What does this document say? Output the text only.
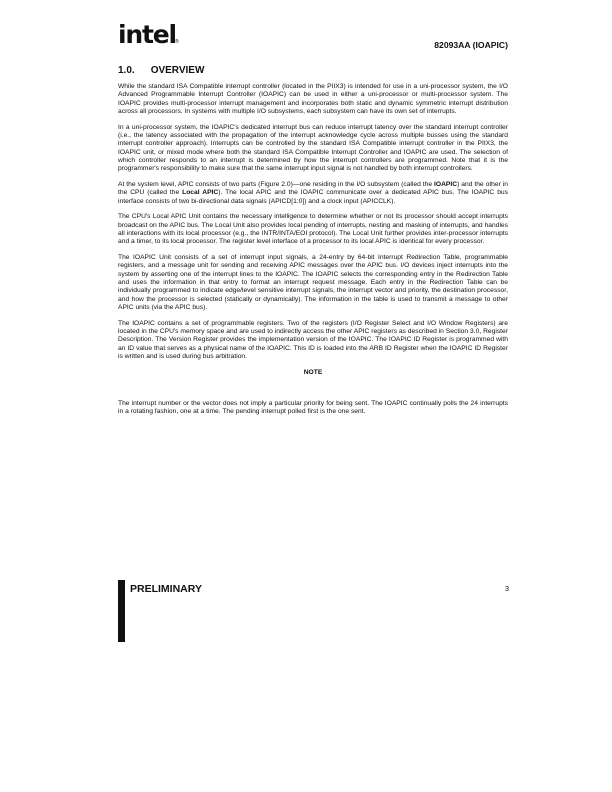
intel ®	82093AA (IOAPIC)
1.0. OVERVIEW

While the standard ISA Compatible interrupt controller (located in the PIIX3) is intended for use in a uni-processor system, the I/O Advanced Programmable Interrupt Controller (IOAPIC) can be used in either a uni-processor or multi-processor system. The IOAPIC provides multi-processor interrupt management and incorporates both static and dynamic symmetric interrupt distribution across all processors. In systems with multiple I/O subsystems, each subsystem can have its own set of interrupts.

In a uni-processor system, the IOAPIC's dedicated interrupt bus can reduce interrupt latency over the standard interrupt controller (i.e., the latency associated with the propagation of the interrupt acknowledge cycle across multiple busses using the standard interrupt controller approach). Interrupts can be controlled by the standard ISA Compatible interrupt controller in the PIIX3, the IOAPIC unit, or mixed mode where both the standard ISA Compatible Interrupt Controller and IOAPIC are used. The selection of which controller responds to an interrupt is determined by how the interrupt controllers are programmed. Note that it is the programmer's responsibility to make sure that the same interrupt input signal is not handled by both interrupt controllers.

At the system level, APIC consists of two parts (Figure 2.0)—one residing in the I/O subsystem (called the IOAPIC) and the other in the CPU (called the Local APIC). The local APIC and the IOAPIC communicate over a dedicated APIC bus. The IOAPIC bus interface consists of two bi-directional data signals (APICD[1:0]) and a clock input (APICCLK).

The CPU's Local APIC Unit contains the necessary intelligence to determine whether or not its processor should accept interrupts broadcast on the APIC bus. The Local Unit also provides local pending of interrupts, nesting and masking of interrupts, and handles all interactions with its local processor (e.g., the INTR/INTA/EOI protocol). The Local Unit further provides inter-processor interrupts and a timer, to its local processor. The register level interface of a processor to its local APIC is identical for every processor.

The IOAPIC Unit consists of a set of interrupt input signals, a 24-entry by 64-bit Interrupt Redirection Table, programmable registers, and a message unit for sending and receiving APIC messages over the APIC bus. I/O devices inject interrupts into the system by asserting one of the interrupt lines to the IOAPIC. The IOAPIC selects the corresponding entry in the Redirection Table and uses the information in that entry to format an interrupt request message. Each entry in the Redirection Table can be individually programmed to indicate edge/level sensitive interrupt signals, the interrupt vector and priority, the destination processor, and how the processor is selected (statically or dynamically). The information in the table is used to transmit a message to other APIC units (via the APIC bus).

The IOAPIC contains a set of programmable registers. Two of the registers (I/O Register Select and I/O Window Registers) are located in the CPU's memory space and are used to indirectly access the other APIC registers as described in Section 3.0, Register Description. The Version Register provides the implementation version of the IOAPIC. The IOAPIC ID Register is programmed with an ID value that serves as a physical name of the IOAPIC. This ID is loaded into the ARB ID Register when the IOAPIC ID Register is written and is used during bus arbitration.

NOTE

The interrupt number or the vector does not imply a particular priority for being sent. The IOAPIC continually polls the 24 interrupts in a rotating fashion, one at a time. The pending interrupt polled first is the one sent.

PRELIMINARY	3
